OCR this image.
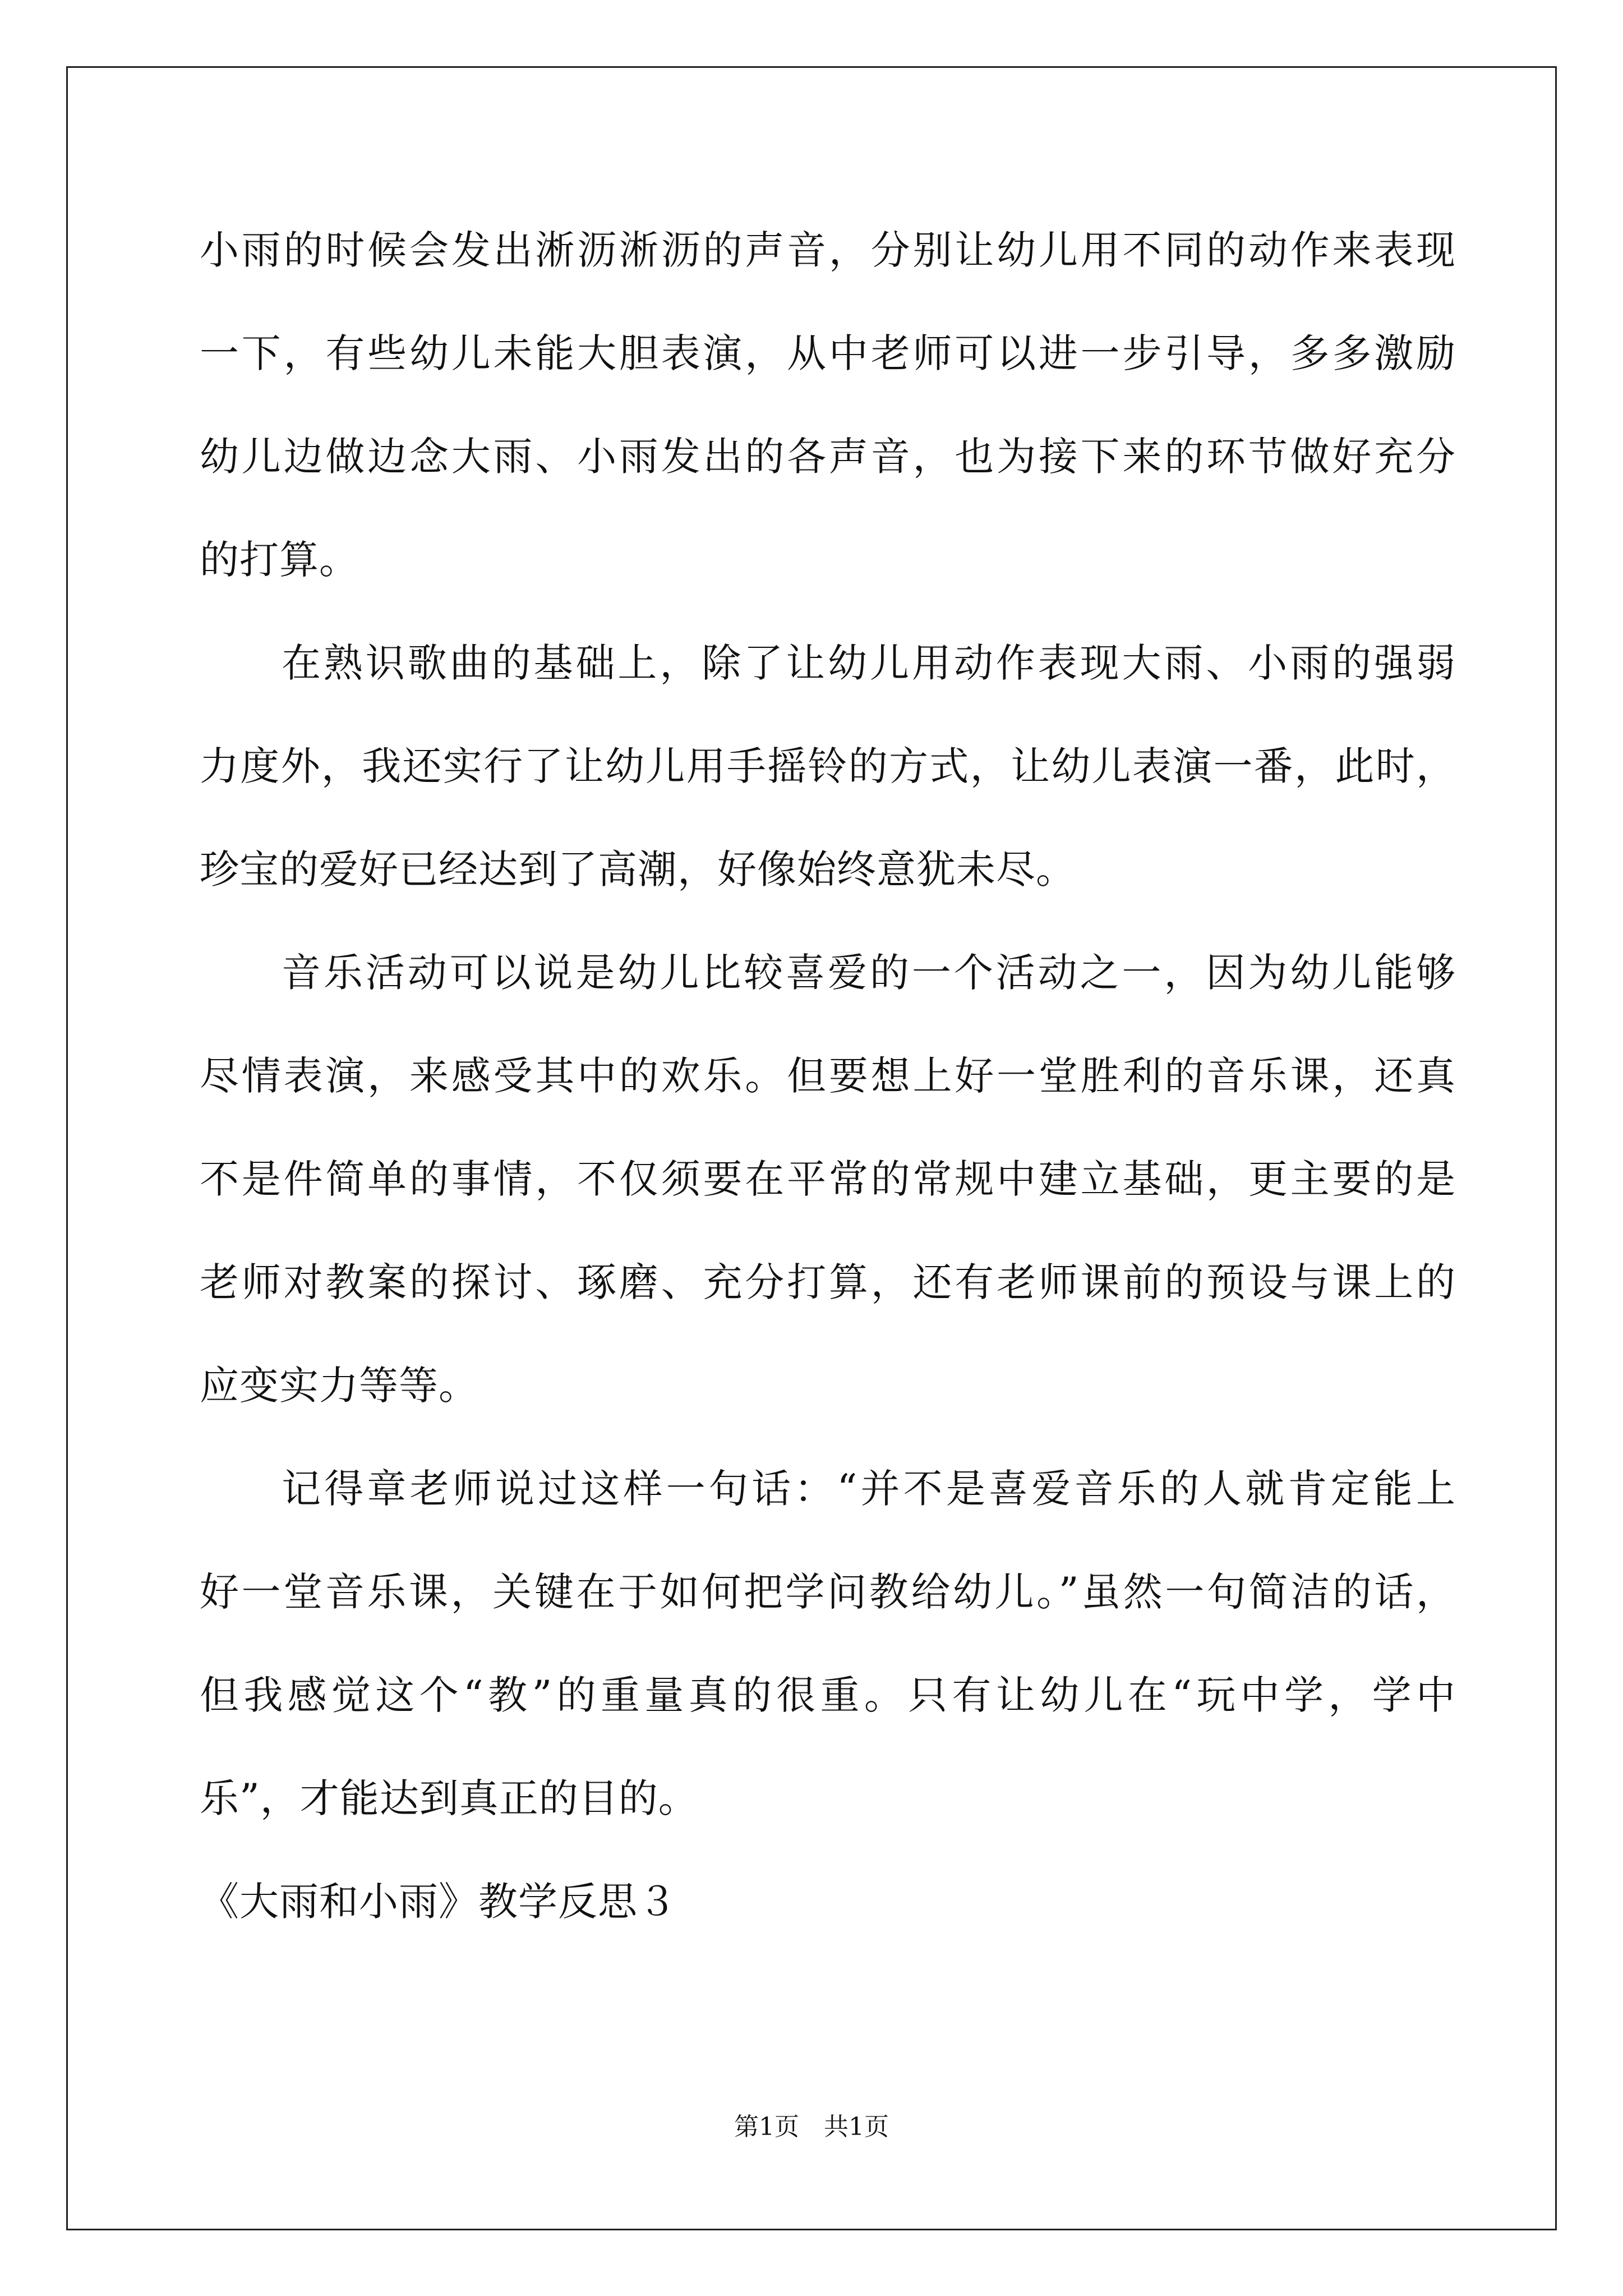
小雨的时候会发出淅沥淅沥的声音，分别让幼儿用不同的动作来表现
一下，有些幼儿未能大胆表演，从中老师可以进一步引导，多多激励
幼儿边做边念大雨、小雨发出的各声音，也为接下来的环节做好充分
的打算。
在熟识歌曲的基础上，除了让幼儿用动作表现大雨、小雨的强弱
力度外，我还实行了让幼儿用手摇铃的方式，让幼儿表演一番，此时，
珍宝的爱好已经达到了高潮，好像始终意犹未尽。
音乐活动可以说是幼儿比较喜爱的一个活动之一，因为幼儿能够
尽情表演，来感受其中的欢乐。但要想上好一堂胜利的音乐课，还真
不是件简单的事情，不仅须要在平常的常规中建立基础，更主要的是
老师对教案的探讨、琢磨、充分打算，还有老师课前的预设与课上的
应变实力等等。
记得章老师说过这样一句话：“并不是喜爱音乐的人就肯定能上
好一堂音乐课，关键在于如何把学问教给幼儿。”虽然一句简洁的话，
但我感觉这个“教”的重量真的很重。只有让幼儿在“玩中学，学中
乐”，才能达到真正的目的。
《大雨和小雨》教学反思３
第1页　共1页
